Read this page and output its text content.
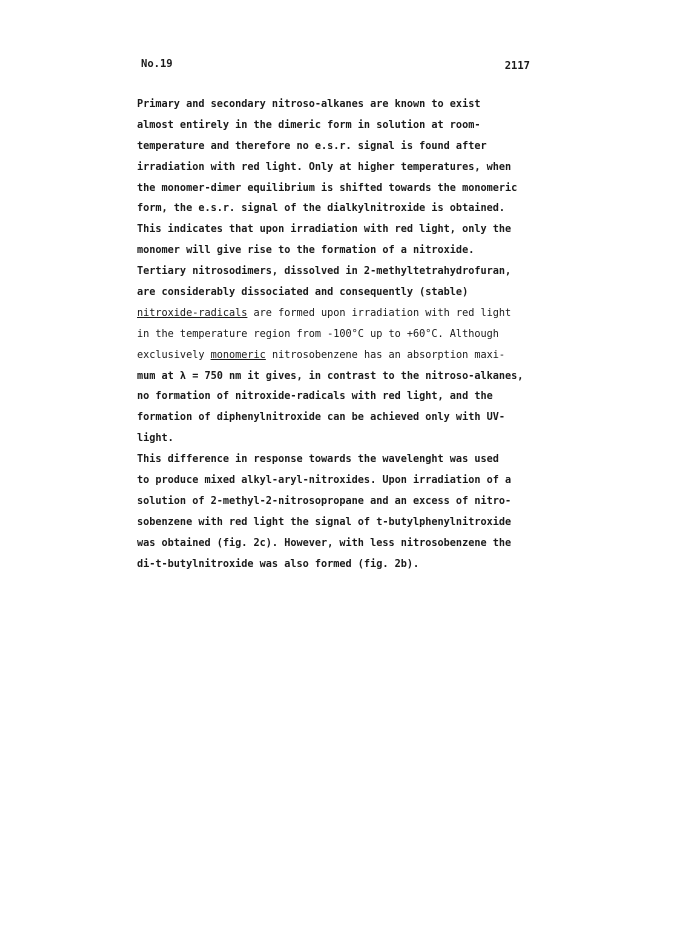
No.19	2117
Primary and secondary nitroso-alkanes are known to exist
almost entirely in the dimeric form in solution at room-
temperature and therefore no e.s.r. signal is found after
irradiation with red light. Only at higher temperatures, when
the monomer-dimer equilibrium is shifted towards the monomeric
form, the e.s.r. signal of the dialkylnitroxide is obtained.
This indicates that upon irradiation with red light, only the
monomer will give rise to the formation of a nitroxide.
Tertiary nitrosodimers, dissolved in 2-methyltetrahydrofuran,
are considerably dissociated and consequently (stable)
nitroxide-radicals are formed upon irradiation with red light
in the temperature region from -100°C up to +60°C. Although
exclusively monomeric nitrosobenzene has an absorption maxi-
mum at λ = 750 nm it gives, in contrast to the nitroso-alkanes,
no formation of nitroxide-radicals with red light, and the
formation of diphenylnitroxide can be achieved only with UV-
light.
This difference in response towards the wavelenght was used
to produce mixed alkyl-aryl-nitroxides. Upon irradiation of a
solution of 2-methyl-2-nitrosopropane and an excess of nitro-
sobenzene with red light the signal of t-butylphenylnitroxide
was obtained (fig. 2c). However, with less nitrosobenzene the
di-t-butylnitroxide was also formed (fig. 2b).
